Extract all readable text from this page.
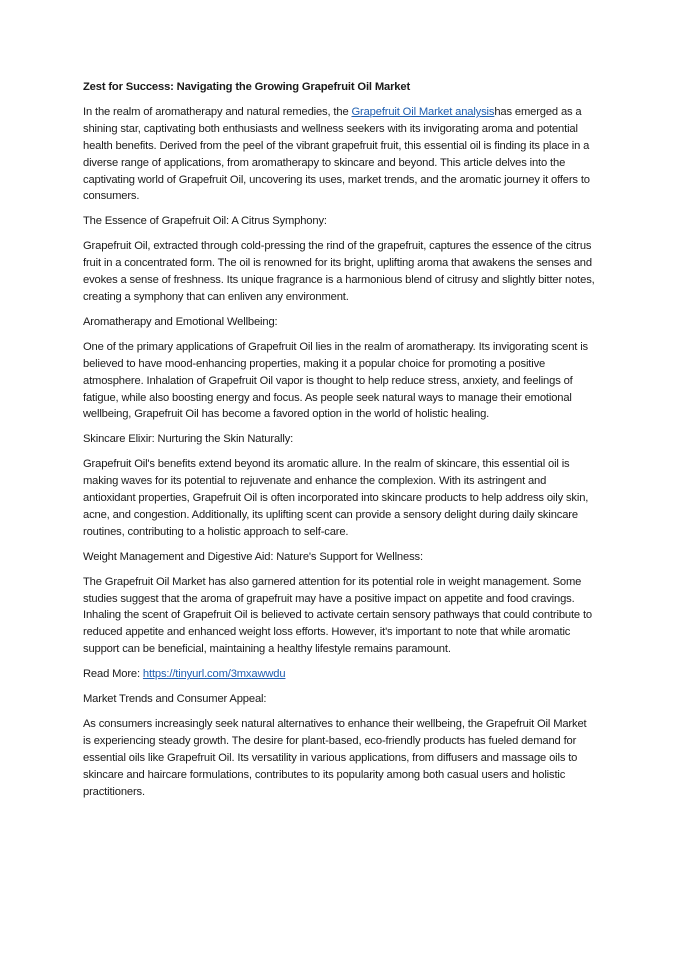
Zest for Success: Navigating the Growing Grapefruit Oil Market

In the realm of aromatherapy and natural remedies, the Grapefruit Oil Market analysishas emerged as a shining star, captivating both enthusiasts and wellness seekers with its invigorating aroma and potential health benefits. Derived from the peel of the vibrant grapefruit fruit, this essential oil is finding its place in a diverse range of applications, from aromatherapy to skincare and beyond. This article delves into the captivating world of Grapefruit Oil, uncovering its uses, market trends, and the aromatic journey it offers to consumers.

The Essence of Grapefruit Oil: A Citrus Symphony:

Grapefruit Oil, extracted through cold-pressing the rind of the grapefruit, captures the essence of the citrus fruit in a concentrated form. The oil is renowned for its bright, uplifting aroma that awakens the senses and evokes a sense of freshness. Its unique fragrance is a harmonious blend of citrusy and slightly bitter notes, creating a symphony that can enliven any environment.

Aromatherapy and Emotional Wellbeing:

One of the primary applications of Grapefruit Oil lies in the realm of aromatherapy. Its invigorating scent is believed to have mood-enhancing properties, making it a popular choice for promoting a positive atmosphere. Inhalation of Grapefruit Oil vapor is thought to help reduce stress, anxiety, and feelings of fatigue, while also boosting energy and focus. As people seek natural ways to manage their emotional wellbeing, Grapefruit Oil has become a favored option in the world of holistic healing.

Skincare Elixir: Nurturing the Skin Naturally:

Grapefruit Oil's benefits extend beyond its aromatic allure. In the realm of skincare, this essential oil is making waves for its potential to rejuvenate and enhance the complexion. With its astringent and antioxidant properties, Grapefruit Oil is often incorporated into skincare products to help address oily skin, acne, and congestion. Additionally, its uplifting scent can provide a sensory delight during daily skincare routines, contributing to a holistic approach to self-care.

Weight Management and Digestive Aid: Nature's Support for Wellness:

The Grapefruit Oil Market has also garnered attention for its potential role in weight management. Some studies suggest that the aroma of grapefruit may have a positive impact on appetite and food cravings. Inhaling the scent of Grapefruit Oil is believed to activate certain sensory pathways that could contribute to reduced appetite and enhanced weight loss efforts. However, it's important to note that while aromatic support can be beneficial, maintaining a healthy lifestyle remains paramount.

Read More: https://tinyurl.com/3mxawwdu

Market Trends and Consumer Appeal:

As consumers increasingly seek natural alternatives to enhance their wellbeing, the Grapefruit Oil Market is experiencing steady growth. The desire for plant-based, eco-friendly products has fueled demand for essential oils like Grapefruit Oil. Its versatility in various applications, from diffusers and massage oils to skincare and haircare formulations, contributes to its popularity among both casual users and holistic practitioners.
